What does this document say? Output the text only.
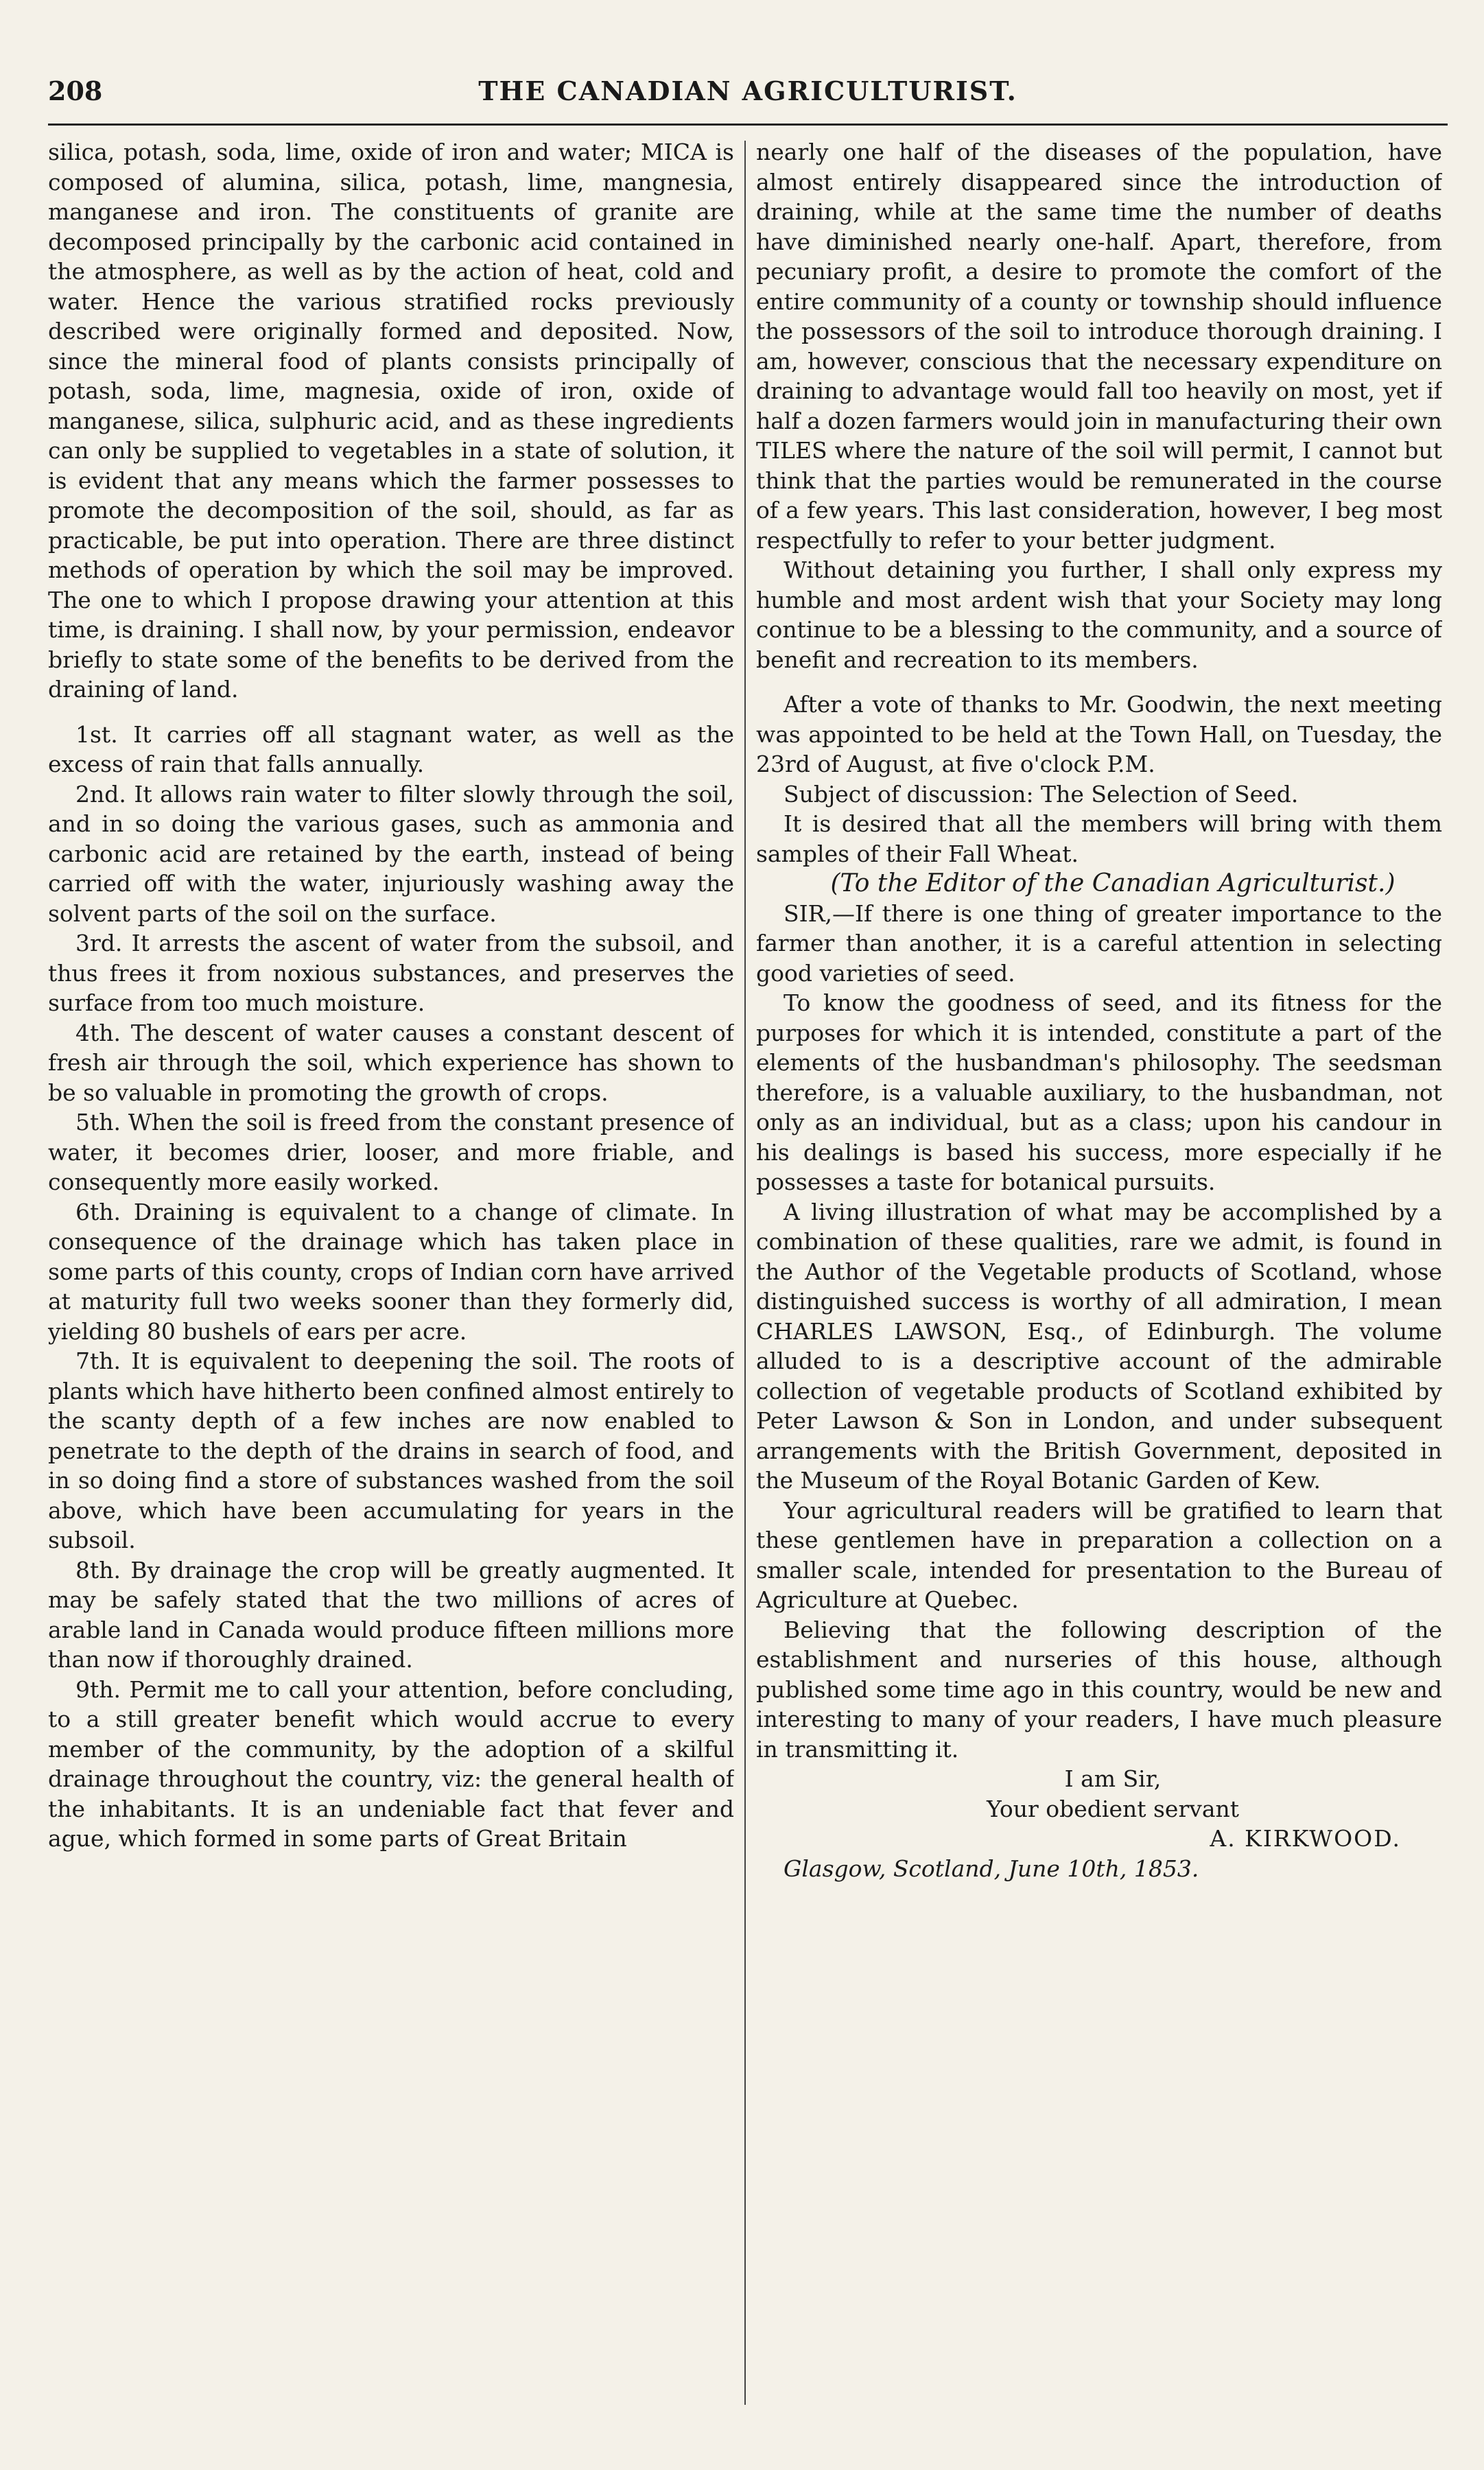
208	THE CANADIAN AGRICULTURIST.

silica, potash, soda, lime, oxide of iron and water; MICA is composed of alumina, silica, potash, lime, mangnesia, manganese and iron. The constituents of granite are decomposed principally by the carbonic acid contained in the atmosphere, as well as by the action of heat, cold and water. Hence the various stratified rocks previously described were originally formed and deposited. Now, since the mineral food of plants consists principally of potash, soda, lime, magnesia, oxide of iron, oxide of manganese, silica, sulphuric acid, and as these ingredients can only be supplied to vegetables in a state of solution, it is evident that any means which the farmer possesses to promote the decomposition of the soil, should, as far as practicable, be put into operation. There are three distinct methods of operation by which the soil may be improved. The one to which I propose drawing your attention at this time, is draining. I shall now, by your permission, endeavor briefly to state some of the benefits to be derived from the draining of land.

1st. It carries off all stagnant water, as well as the excess of rain that falls annually.

2nd. It allows rain water to filter slowly through the soil, and in so doing the various gases, such as ammonia and carbonic acid are retained by the earth, instead of being carried off with the water, injuriously washing away the solvent parts of the soil on the surface.

3rd. It arrests the ascent of water from the subsoil, and thus frees it from noxious substances, and preserves the surface from too much moisture.

4th. The descent of water causes a constant descent of fresh air through the soil, which experience has shown to be so valuable in promoting the growth of crops.

5th. When the soil is freed from the constant presence of water, it becomes drier, looser, and more friable, and consequently more easily worked.

6th. Draining is equivalent to a change of climate. In consequence of the drainage which has taken place in some parts of this county, crops of Indian corn have arrived at maturity full two weeks sooner than they formerly did, yielding 80 bushels of ears per acre.

7th. It is equivalent to deepening the soil. The roots of plants which have hitherto been confined almost entirely to the scanty depth of a few inches are now enabled to penetrate to the depth of the drains in search of food, and in so doing find a store of substances washed from the soil above, which have been accumulating for years in the subsoil.

8th. By drainage the crop will be greatly augmented. It may be safely stated that the two millions of acres of arable land in Canada would produce fifteen millions more than now if thoroughly drained.

9th. Permit me to call your attention, before concluding, to a still greater benefit which would accrue to every member of the community, by the adoption of a skilful drainage throughout the country, viz: the general health of the inhabitants. It is an undeniable fact that fever and ague, which formed in some parts of Great Britain

nearly one half of the diseases of the population, have almost entirely disappeared since the introduction of draining, while at the same time the number of deaths have diminished nearly one-half. Apart, therefore, from pecuniary profit, a desire to promote the comfort of the entire community of a county or township should influence the possessors of the soil to introduce thorough draining. I am, however, conscious that the necessary expenditure on draining to advantage would fall too heavily on most, yet if half a dozen farmers would join in manufacturing their own TILES where the nature of the soil will permit, I cannot but think that the parties would be remunerated in the course of a few years. This last consideration, however, I beg most respectfully to refer to your better judgment.

Without detaining you further, I shall only express my humble and most ardent wish that your Society may long continue to be a blessing to the community, and a source of benefit and recreation to its members.

After a vote of thanks to Mr. Goodwin, the next meeting was appointed to be held at the Town Hall, on Tuesday, the 23rd of August, at five o'clock P.M.

Subject of discussion: The Selection of Seed.

It is desired that all the members will bring with them samples of their Fall Wheat.

(To the Editor of the Canadian Agriculturist.)

SIR,—If there is one thing of greater importance to the farmer than another, it is a careful attention in selecting good varieties of seed.

To know the goodness of seed, and its fitness for the purposes for which it is intended, constitute a part of the elements of the husbandman's philosophy. The seedsman therefore, is a valuable auxiliary, to the husbandman, not only as an individual, but as a class; upon his candour in his dealings is based his success, more especially if he possesses a taste for botanical pursuits.

A living illustration of what may be accomplished by a combination of these qualities, rare we admit, is found in the Author of the Vegetable products of Scotland, whose distinguished success is worthy of all admiration, I mean CHARLES LAWSON, Esq., of Edinburgh. The volume alluded to is a descriptive account of the admirable collection of vegetable products of Scotland exhibited by Peter Lawson & Son in London, and under subsequent arrangements with the British Government, deposited in the Museum of the Royal Botanic Garden of Kew.

Your agricultural readers will be gratified to learn that these gentlemen have in preparation a collection on a smaller scale, intended for presentation to the Bureau of Agriculture at Quebec.

Believing that the following description of the establishment and nurseries of this house, although published some time ago in this country, would be new and interesting to many of your readers, I have much pleasure in transmitting it.

I am Sir,

Your obedient servant

A. KIRKWOOD.

Glasgow, Scotland, June 10th, 1853.
